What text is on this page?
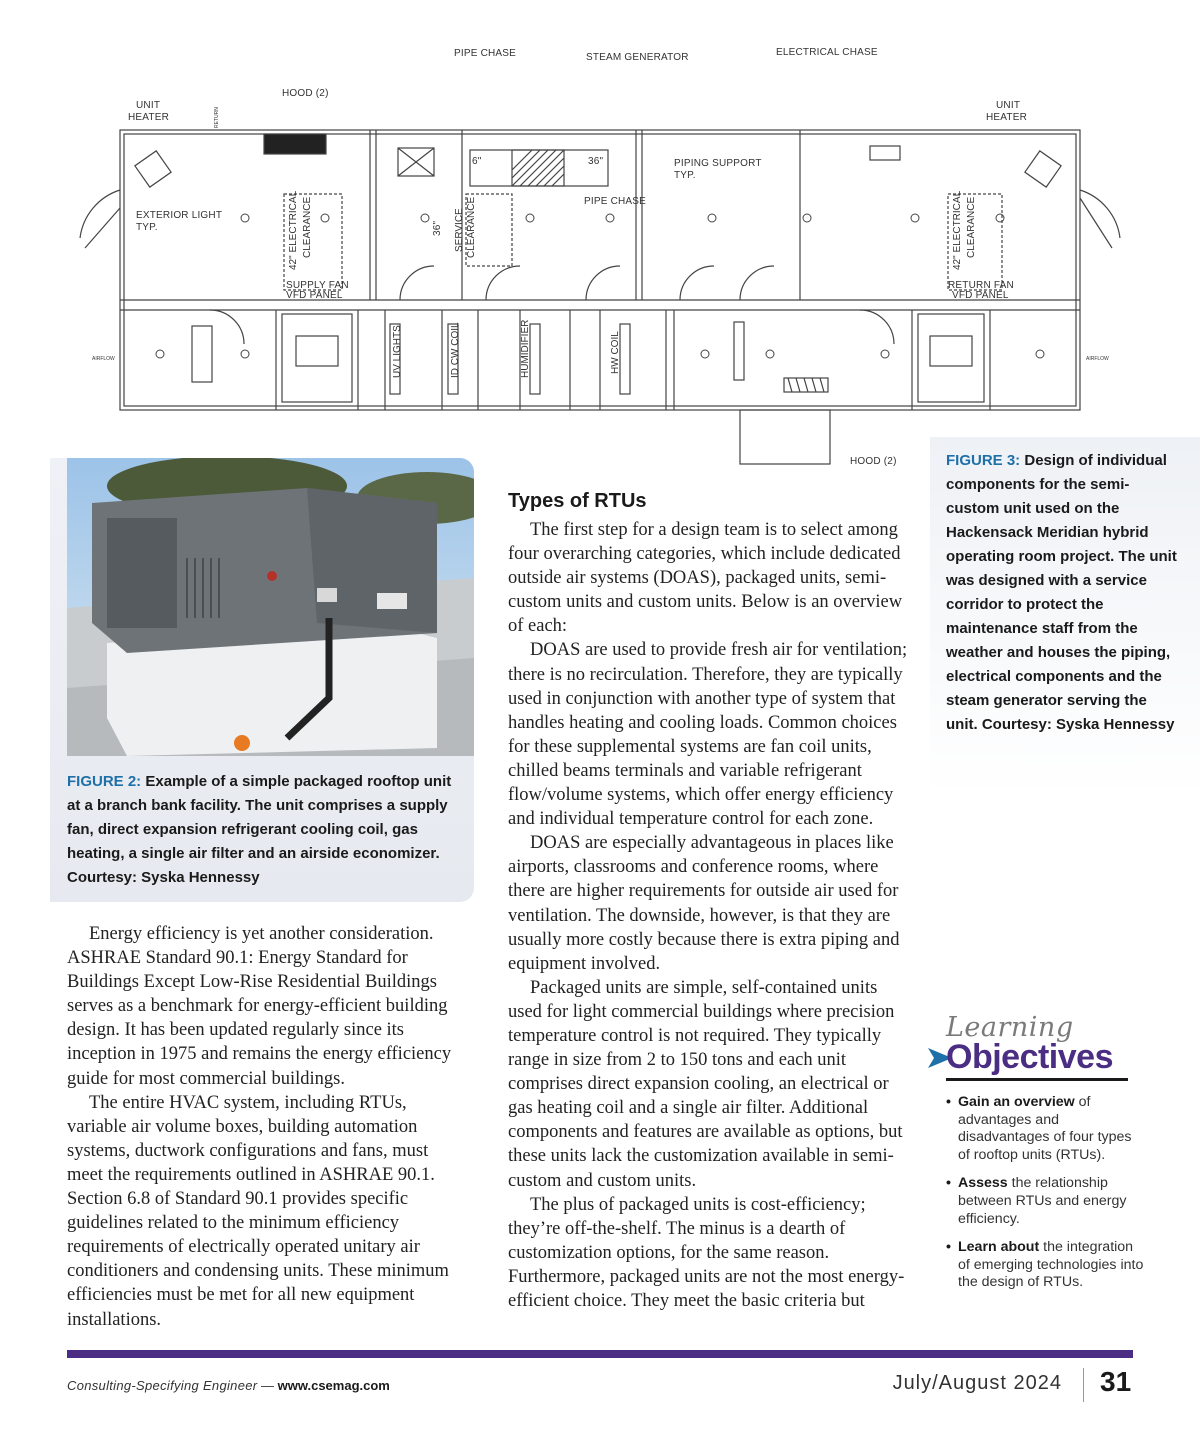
PIPE CHASE	STEAM GENERATOR	ELECTRICAL CHASE
UNIT
HEATER
UNIT
HEATER
HOOD (2)
HOOD (2)
EXTERIOR LIGHT
TYP.
PIPING SUPPORT
TYP.
PIPE CHASE
6"	36"
36"
42" ELECTRICAL CLEARANCE	42" ELECTRICAL CLEARANCE
SERVICE CLEARANCE
SUPPLY FAN
VFD PANEL
RETURN FAN
VFD PANEL
UV LIGHTS	ID CW COIL	HUMIDIFIER	HW COIL
AIRFLOW	AIRFLOW
RETURN
FIGURE 2: Example of a simple packaged rooftop unit at a branch bank facility. The unit comprises a supply fan, direct expansion refrigerant cooling coil, gas heating, a single air filter and an airside economizer. Courtesy: Syska Hennessy
FIGURE 3: Design of individual components for the semi-custom unit used on the Hackensack Meridian hybrid operating room project. The unit was designed with a service corridor to protect the maintenance staff from the weather and houses the piping, electrical components and the steam generator serving the unit. Courtesy: Syska Hennessy
Types of RTUs

The first step for a design team is to select among four overarching categories, which include dedicated outside air systems (DOAS), packaged units, semi-custom units and custom units. Below is an overview of each:

DOAS are used to provide fresh air for ventilation; there is no recirculation. Therefore, they are typically used in conjunction with another type of system that handles heating and cooling loads. Common choices for these supplemental systems are fan coil units, chilled beams terminals and variable refrigerant flow/volume systems, which offer energy efficiency and individual temperature control for each zone.

DOAS are especially advantageous in places like airports, classrooms and conference rooms, where there are higher requirements for outside air used for ventilation. The downside, however, is that they are usually more costly because there is extra piping and equipment involved.

Packaged units are simple, self-contained units used for light commercial buildings where precision temperature control is not required. They typically range in size from 2 to 150 tons and each unit comprises direct expansion cooling, an electrical or gas heating coil and a single air filter. Additional components and features are available as options, but these units lack the customization available in semi-custom and custom units.

The plus of packaged units is cost-efficiency; they’re off-the-shelf. The minus is a dearth of customization options, for the same reason. Furthermore, packaged units are not the most energy-efficient choice. They meet the basic criteria but

Energy efficiency is yet another consideration. ASHRAE Standard 90.1: Energy Standard for Buildings Except Low-Rise Residential Buildings serves as a benchmark for energy-efficient building design. It has been updated regularly since its inception in 1975 and remains the energy efficiency guide for most commercial buildings.

The entire HVAC system, including RTUs, variable air volume boxes, building automation systems, ductwork configurations and fans, must meet the requirements outlined in ASHRAE 90.1. Section 6.8 of Standard 90.1 provides specific guidelines related to the minimum efficiency requirements of electrically operated unitary air conditioners and condensing units. These minimum efficiencies must be met for all new equipment installations.

Learning
Objectives
• Gain an overview of advantages and disadvantages of four types of rooftop units (RTUs).
• Assess the relationship between RTUs and energy efficiency.
• Learn about the integration of emerging technologies into the design of RTUs.
Consulting-Specifying Engineer — www.csemag.com	July/August 2024 31
